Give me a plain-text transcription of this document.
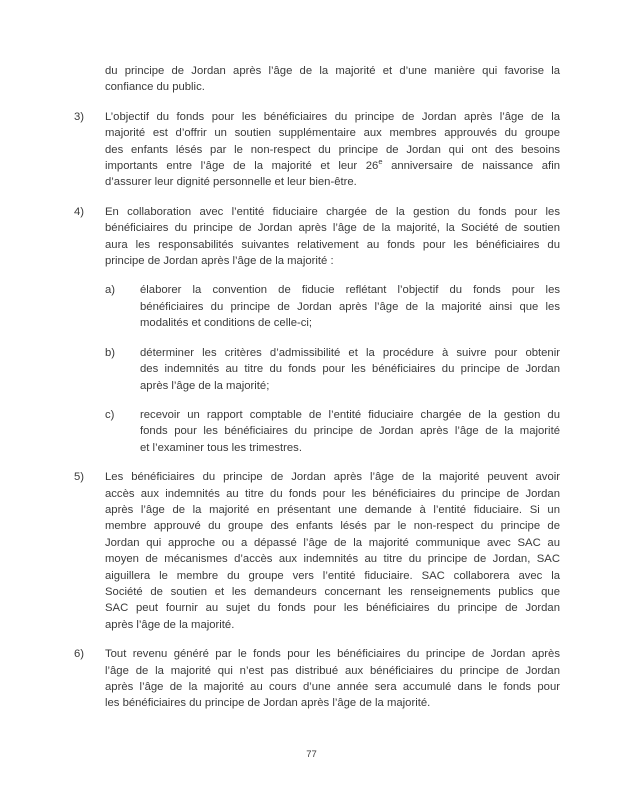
du principe de Jordan après l’âge de la majorité et d’une manière qui favorise la
confiance du public.
3)	L’objectif du fonds pour les bénéficiaires du principe de Jordan après l’âge de la
majorité est d’offrir un soutien supplémentaire aux membres approuvés du groupe
des enfants lésés par le non-respect du principe de Jordan qui ont des besoins
importants entre l’âge de la majorité et leur 26e anniversaire de naissance afin
d’assurer leur dignité personnelle et leur bien-être.
4)	En collaboration avec l’entité fiduciaire chargée de la gestion du fonds pour les
bénéficiaires du principe de Jordan après l’âge de la majorité, la Société de soutien
aura les responsabilités suivantes relativement au fonds pour les bénéficiaires du
principe de Jordan après l’âge de la majorité :
a)	élaborer la convention de fiducie reflétant l’objectif du fonds pour les
bénéficiaires du principe de Jordan après l’âge de la majorité ainsi que les
modalités et conditions de celle-ci;
b)	déterminer les critères d’admissibilité et la procédure à suivre pour obtenir
des indemnités au titre du fonds pour les bénéficiaires du principe de Jordan
après l’âge de la majorité;
c)	recevoir un rapport comptable de l’entité fiduciaire chargée de la gestion du
fonds pour les bénéficiaires du principe de Jordan après l’âge de la majorité
et l’examiner tous les trimestres.
5)	Les bénéficiaires du principe de Jordan après l’âge de la majorité peuvent avoir
accès aux indemnités au titre du fonds pour les bénéficiaires du principe de Jordan
après l’âge de la majorité en présentant une demande à l’entité fiduciaire. Si un
membre approuvé du groupe des enfants lésés par le non-respect du principe de
Jordan qui approche ou a dépassé l’âge de la majorité communique avec SAC au
moyen de mécanismes d’accès aux indemnités au titre du principe de Jordan, SAC
aiguillera le membre du groupe vers l’entité fiduciaire. SAC collaborera avec la
Société de soutien et les demandeurs concernant les renseignements publics que
SAC peut fournir au sujet du fonds pour les bénéficiaires du principe de Jordan
après l’âge de la majorité.
6)	Tout revenu généré par le fonds pour les bénéficiaires du principe de Jordan après
l’âge de la majorité qui n’est pas distribué aux bénéficiaires du principe de Jordan
après l’âge de la majorité au cours d’une année sera accumulé dans le fonds pour
les bénéficiaires du principe de Jordan après l’âge de la majorité.
77
